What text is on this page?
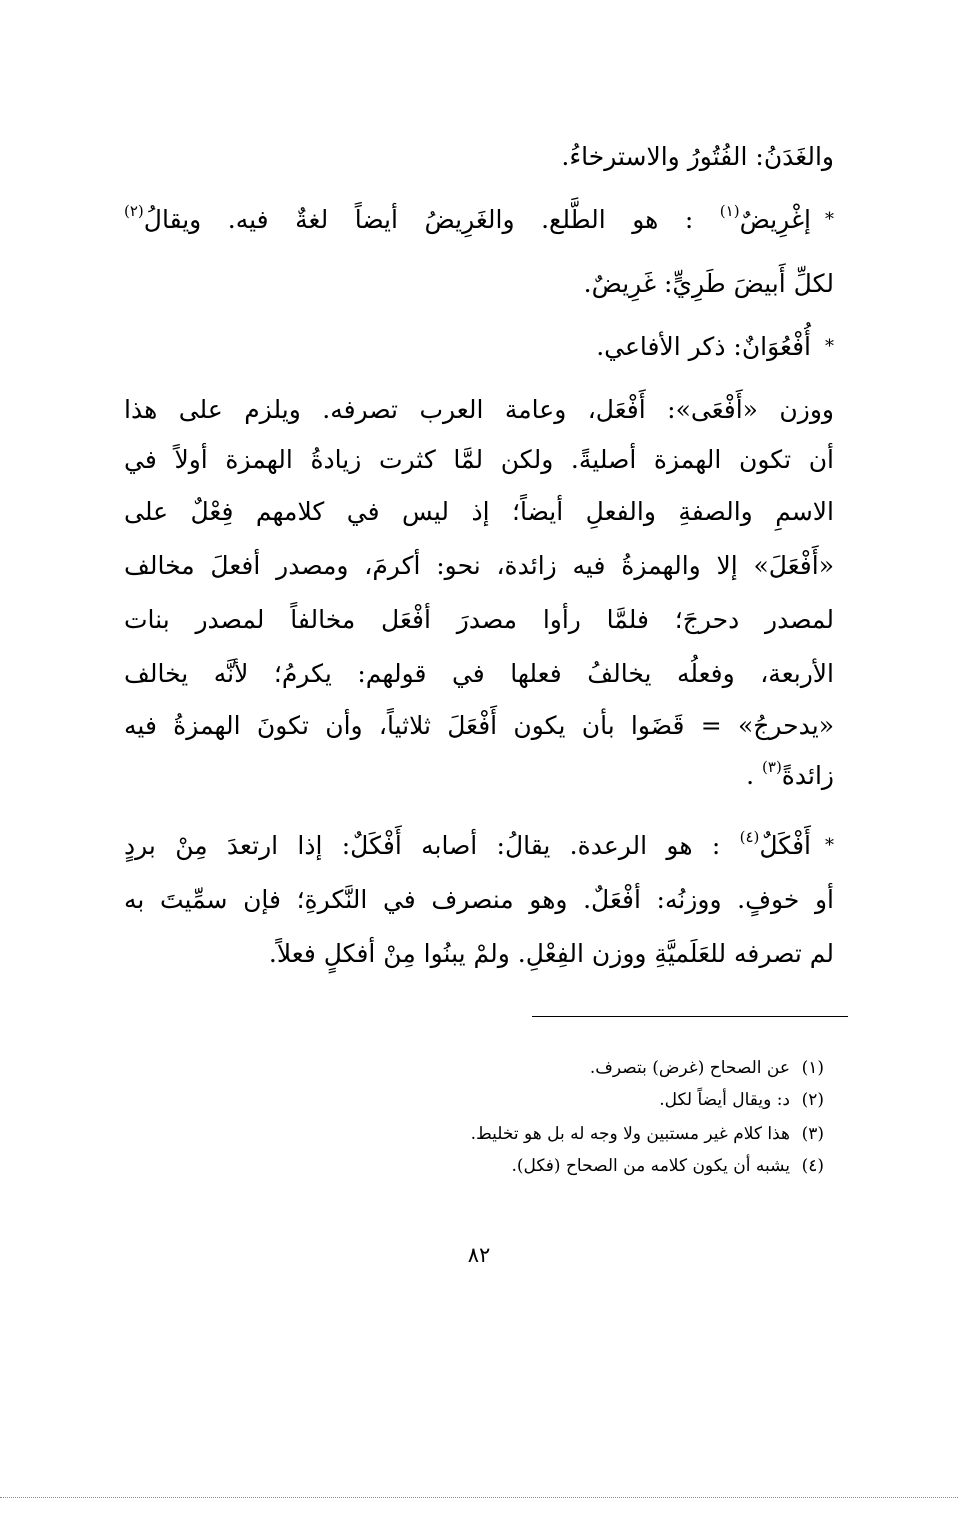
والغَدَنُ: الفُتُورُ والاسترخاءُ.
*إغْرِيضٌ$^{(١)}$ : هو الطَّلع. والغَرِيضُ أيضاً لغةٌ فيه. ويقالُ$^{(٢)}$
لكلِّ أَبيضَ طَرِيٍّ: غَرِيضٌ.
*أُفْعُوَانٌ: ذكر الأفاعي.
ووزن «أَفْعَى»: أَفْعَل، وعامة العرب تصرفه. ويلزم على هذا
أن تكون الهمزة أصليةً. ولكن لمَّا كثرت زيادةُ الهمزة أولاً في
الاسمِ والصفةِ والفعلِ أيضاً؛ إذ ليس في كلامهم فِعْلٌ على
«أَفْعَلَ» إلا والهمزةُ فيه زائدة، نحو: أكرمَ، ومصدر أفعلَ مخالف
لمصدر دحرجَ؛ فلمَّا رأوا مصدرَ أفْعَل مخالفاً لمصدر بنات
الأربعة، وفعلُه يخالفُ فعلها في قولهم: يكرمُ؛ لأنَّه يخالف
«يدحرجُ» = قَضَوا بأن يكون أَفْعَلَ ثلاثياً، وأن تكونَ الهمزةُ فيه
زائدةً$^{(٣)}$ .
*أَفْكَلٌ$^{(٤)}$ : هو الرعدة. يقالُ: أصابه أَفْكَلٌ: إذا ارتعدَ مِنْ بردٍ
أو خوفٍ. ووزنُه: أفْعَلٌ. وهو منصرف في النَّكرةِ؛ فإن سمِّيتَ به
لم تصرفه للعَلَميَّةِ ووزن الفِعْلِ. ولمْ يبنُوا مِنْ أفكلٍ فعلاً.
(١)عن الصحاح (غرض) بتصرف.
(٢)د: ويقال أيضاً لكل.
(٣)هذا كلام غير مستبين ولا وجه له بل هو تخليط.
(٤)يشبه أن يكون كلامه من الصحاح (فكل).
٨٢
